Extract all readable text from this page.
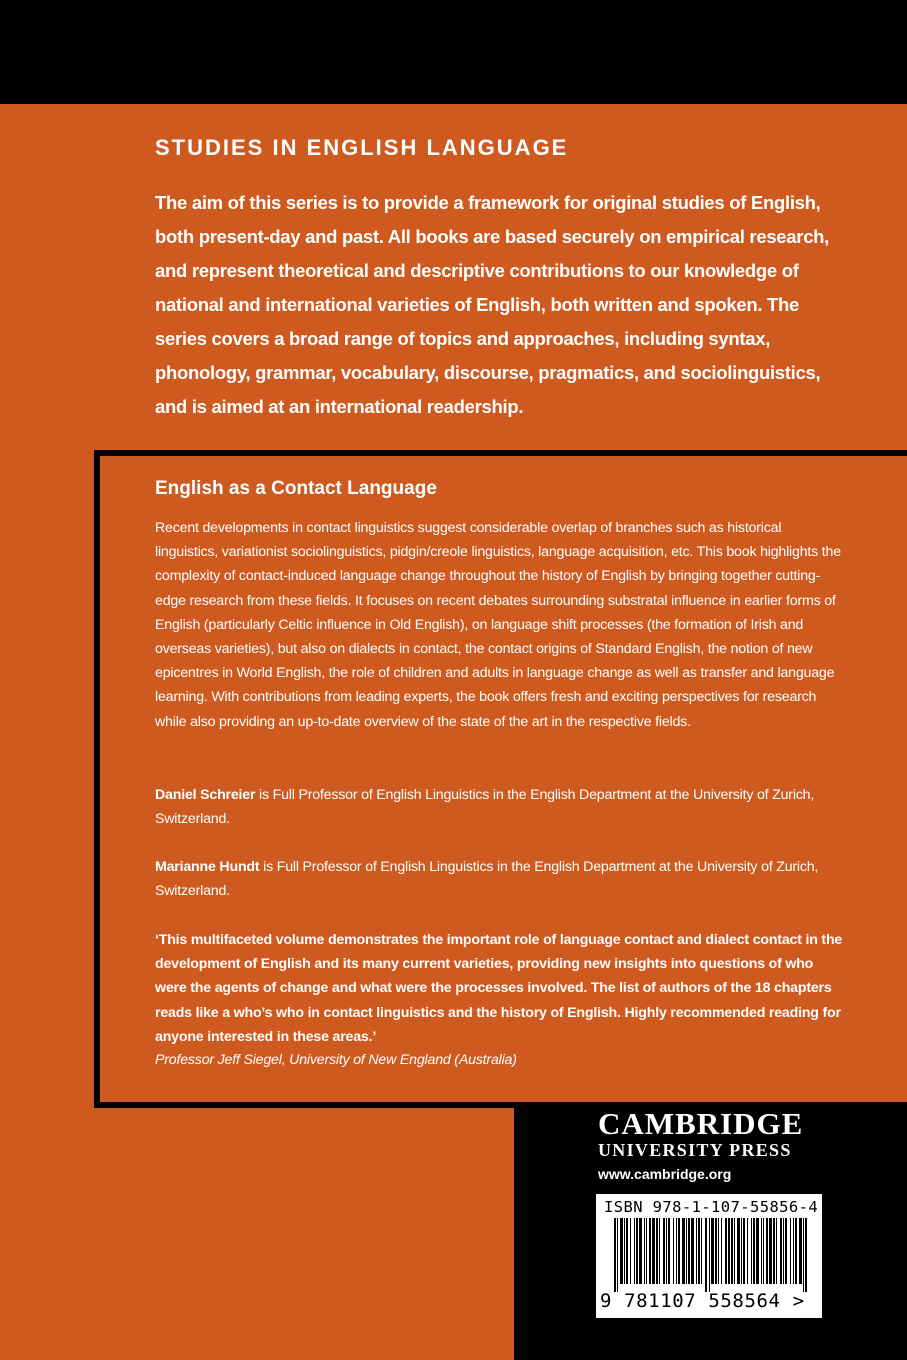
STUDIES IN ENGLISH LANGUAGE

The aim of this series is to provide a framework for original studies of English, both present-day and past. All books are based securely on empirical research, and represent theoretical and descriptive contributions to our knowledge of national and international varieties of English, both written and spoken. The series covers a broad range of topics and approaches, including syntax, phonology, grammar, vocabulary, discourse, pragmatics, and sociolinguistics, and is aimed at an international readership.

English as a Contact Language

Recent developments in contact linguistics suggest considerable overlap of branches such as historical linguistics, variationist sociolinguistics, pidgin/creole linguistics, language acquisition, etc. This book highlights the complexity of contact-induced language change throughout the history of English by bringing together cutting-edge research from these fields. It focuses on recent debates surrounding substratal influence in earlier forms of English (particularly Celtic influence in Old English), on language shift processes (the formation of Irish and overseas varieties), but also on dialects in contact, the contact origins of Standard English, the notion of new epicentres in World English, the role of children and adults in language change as well as transfer and language learning. With contributions from leading experts, the book offers fresh and exciting perspectives for research while also providing an up-to-date overview of the state of the art in the respective fields.

Daniel Schreier is Full Professor of English Linguistics in the English Department at the University of Zurich, Switzerland.

Marianne Hundt is Full Professor of English Linguistics in the English Department at the University of Zurich, Switzerland.

‘This multifaceted volume demonstrates the important role of language contact and dialect contact in the development of English and its many current varieties, providing new insights into questions of who were the agents of change and what were the processes involved. The list of authors of the 18 chapters reads like a who’s who in contact linguistics and the history of English. Highly recommended reading for anyone interested in these areas.’

Professor Jeff Siegel, University of New England (Australia)

CAMBRIDGE
UNIVERSITY PRESS
www.cambridge.org
ISBN 978-1-107-55856-4
9 781107 558564 >
